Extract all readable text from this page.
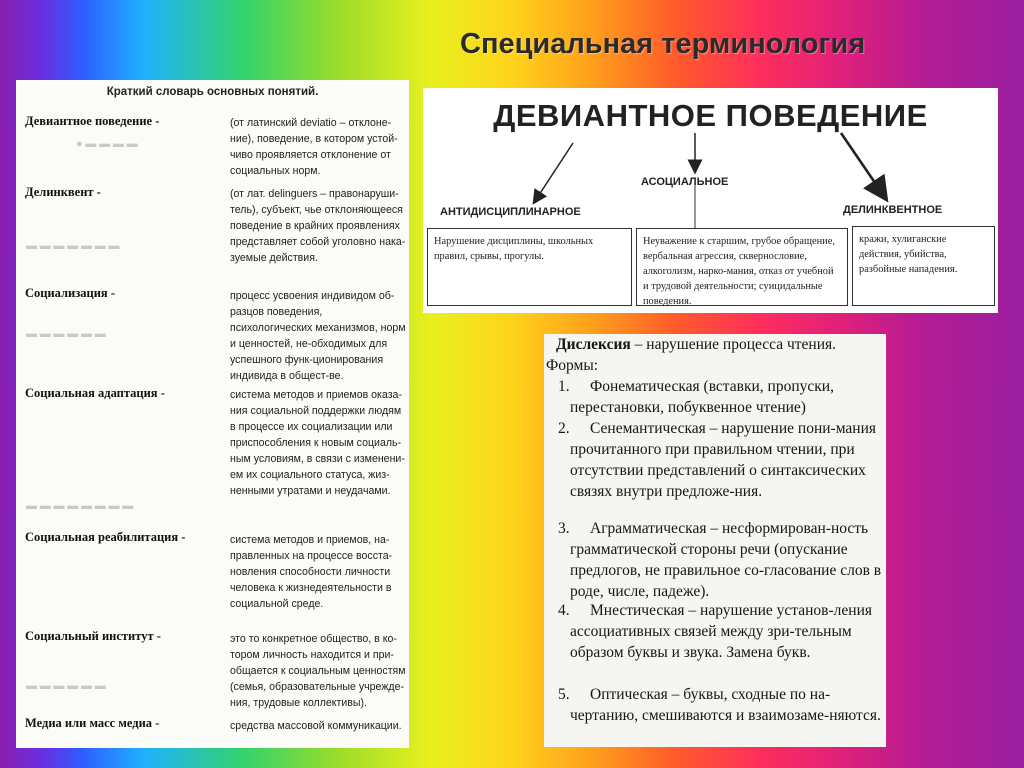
Специальная терминология
● ▬ ▬ ▬ ▬
▬ ▬ ▬ ▬ ▬ ▬ ▬
▬ ▬ ▬ ▬ ▬ ▬
▬ ▬ ▬ ▬ ▬ ▬ ▬ ▬
▬ ▬ ▬ ▬ ▬ ▬
Краткий словарь основных понятий.
Девиантное поведение -	(от латинский deviatio – отклоне-ние), поведение, в котором устой-чиво проявляется отклонение от социальных норм.
Делинквент -	(от лат. delinguers – правонаруши-тель), субъект, чье отклоняющееся поведение в крайних проявлениях представляет собой уголовно нака-зуемые действия.
Социализация -	процесс усвоения индивидом об-разцов поведения, психологических механизмов, норм и ценностей, не-обходимых для успешного функ-ционирования индивида в общест-ве.
Социальная адаптация -	система методов и приемов оказа-ния социальной поддержки людям в процессе их социализации или приспособления к новым социаль-ным условиям, в связи с изменени-ем их социального статуса, жиз-ненными утратами и неудачами.
Социальная реабилитация -	система методов и приемов, на-правленных на процессе восста-новления способности личности человека к жизнедеятельности в социальной среде.
Социальный институт -	это то конкретное общество, в ко-тором личность находится и при-общается к социальным ценностям (семья, образовательные учрежде-ния, трудовые коллективы).
Медиа или масс медиа -	средства массовой коммуникации.
ДЕВИАНТНОЕ ПОВЕДЕНИЕ
АНТИДИСЦИПЛИНАРНОЕ
АСОЦИАЛЬНОЕ
ДЕЛИНКВЕНТНОЕ
Нарушение дисциплины, школьных правил, срывы, прогулы.
Неуважение к старшим, грубое обращение, вербальная агрессия, сквернословие, алкоголизм, нарко-мания, отказ от учебной и трудовой деятельности; суицидальные поведения.
кражи, хулиганские действия, убийства, разбойные нападения.
Дислексия – нарушение процесса чтения.
Формы:
1.	Фонематическая (вставки, пропуски, перестановки, побуквенное чтение)
2.	Сенемантическая – нарушение пони-мания прочитанного при правильном чтении, при отсутствии представлений о синтаксических связях внутри предложе-ния.
3.	Аграмматическая – несформирован-ность грамматической стороны речи (опускание предлогов, не правильное со-гласование слов в роде, числе, падеже).
4.	Мнестическая – нарушение установ-ления ассоциативных связей между зри-тельным образом буквы и звука. Замена букв.
5.	Оптическая – буквы, сходные по на-чертанию, смешиваются и взаимозаме-няются.
